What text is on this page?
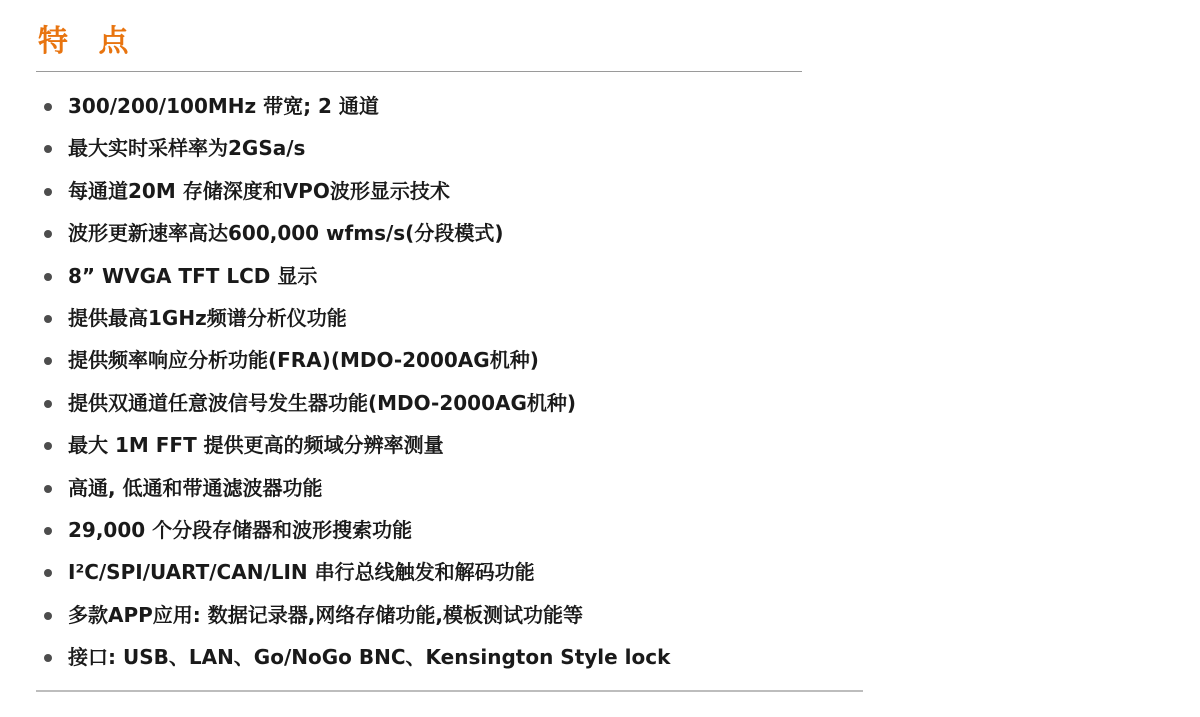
特 点
300/200/100MHz 带宽; 2 通道
最大实时采样率为2GSa/s
每通道20M 存储深度和VPO波形显示技术
波形更新速率高达600,000 wfms/s(分段模式)
8” WVGA TFT LCD 显示
提供最高1GHz频谱分析仪功能
提供频率响应分析功能(FRA)(MDO-2000AG机种)
提供双通道任意波信号发生器功能(MDO-2000AG机种)
最大 1M FFT 提供更高的频域分辨率测量
高通, 低通和带通滤波器功能
29,000 个分段存储器和波形搜索功能
I²C/SPI/UART/CAN/LIN 串行总线触发和解码功能
多款APP应用: 数据记录器,网络存储功能,模板测试功能等
接口: USB、LAN、Go/NoGo BNC、Kensington Style lock
